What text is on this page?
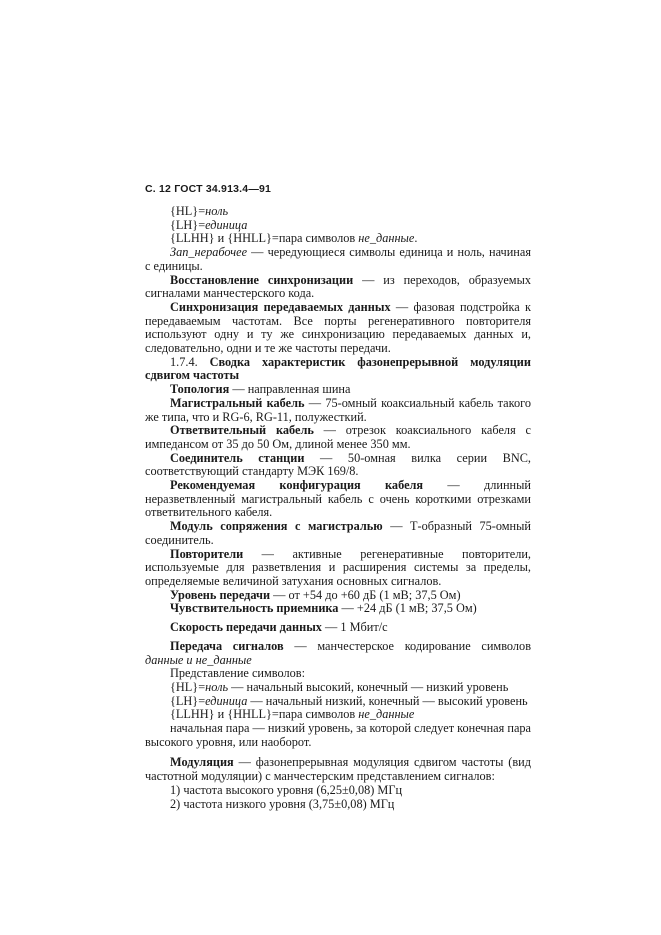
С. 12 ГОСТ 34.913.4—91

{HL}=ноль

{LH}=единица

{LLHH} и {HHLL}=пара символов не_данные.

Зап_нерабочее — чередующиеся символы единица и ноль, начиная с единицы.

Восстановление синхронизации — из переходов, образуемых сигналами манчестерского кода.

Синхронизация передаваемых данных — фазовая подстройка к передаваемым частотам. Все порты регенеративного повторителя используют одну и ту же синхронизацию передаваемых данных и, следовательно, одни и те же частоты передачи.

1.7.4. Сводка характеристик фазонепрерывной модуляции сдвигом частоты

Топология — направленная шина

Магистральный кабель — 75-омный коаксиальный кабель такого же типа, что и RG-6, RG-11, полужесткий.

Ответвительный кабель — отрезок коаксиального кабеля с импедансом от 35 до 50 Ом, длиной менее 350 мм.

Соединитель станции — 50-омная вилка серии BNC, соответствующий стандарту МЭК 169/8.

Рекомендуемая конфигурация кабеля — длинный неразветвленный магистральный кабель с очень короткими отрезками ответвительного кабеля.

Модуль сопряжения с магистралью — Т-образный 75-омный соединитель.

Повторители — активные регенеративные повторители, используемые для разветвления и расширения системы за пределы, определяемые величиной затухания основных сигналов.

Уровень передачи — от +54 до +60 дБ (1 мВ; 37,5 Ом)

Чувствительность приемника — +24 дБ (1 мВ; 37,5 Ом)

Скорость передачи данных — 1 Мбит/с

Передача сигналов — манчестерское кодирование символов данные и не_данные

Представление символов:

{HL}=ноль — начальный высокий, конечный — низкий уровень

{LH}=единица — начальный низкий, конечный — высокий уровень

{LLHH} и {HHLL}=пара символов не_данные

начальная пара — низкий уровень, за которой следует конечная пара высокого уровня, или наоборот.

Модуляция — фазонепрерывная модуляция сдвигом частоты (вид частотной модуляции) с манчестерским представлением сигналов:

1) частота высокого уровня (6,25±0,08) МГц

2) частота низкого уровня (3,75±0,08) МГц
